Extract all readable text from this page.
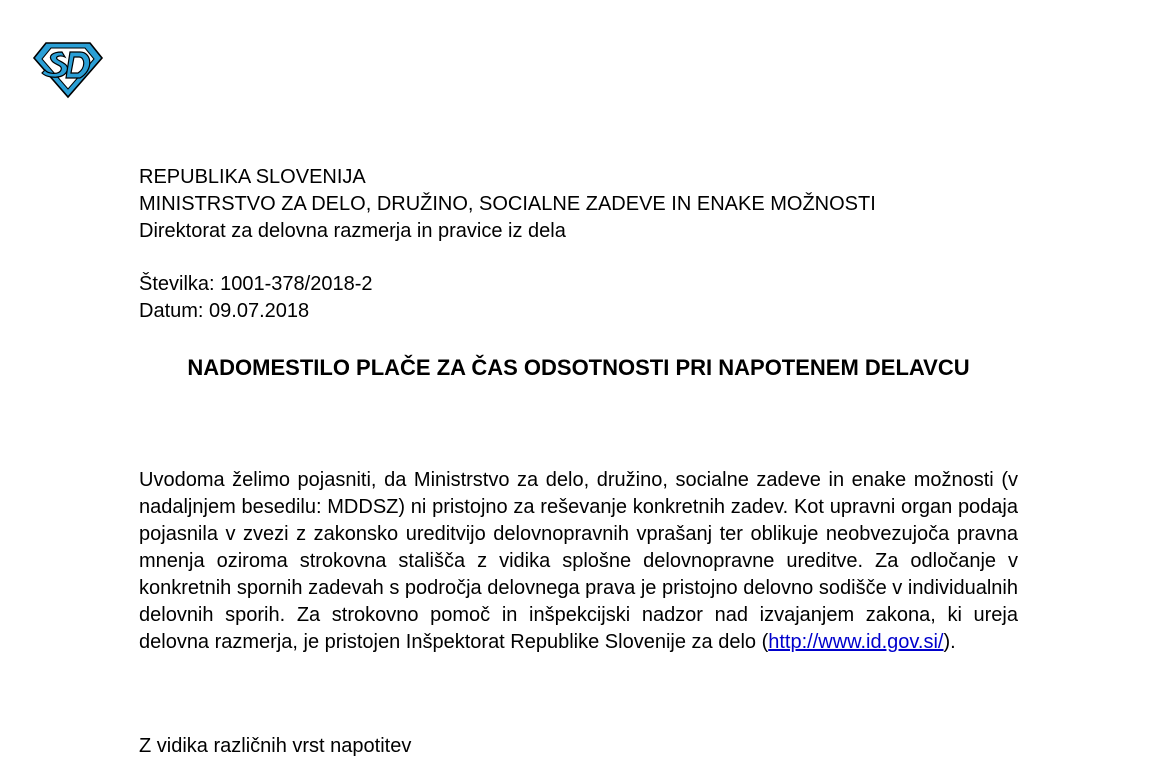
REPUBLIKA SLOVENIJA
MINISTRSTVO ZA DELO, DRUŽINO, SOCIALNE ZADEVE IN ENAKE MOŽNOSTI
Direktorat za delovna razmerja in pravice iz dela
Številka: 1001-378/2018-2
Datum: 09.07.2018
NADOMESTILO PLAČE ZA ČAS ODSOTNOSTI PRI NAPOTENEM DELAVCU

Uvodoma želimo pojasniti, da Ministrstvo za delo, družino, socialne zadeve in enake možnosti (v nadaljnjem besedilu: MDDSZ) ni pristojno za reševanje konkretnih zadev. Kot upravni organ podaja pojasnila v zvezi z zakonsko ureditvijo delovnopravnih vprašanj ter oblikuje neobvezujoča pravna mnenja oziroma strokovna stališča z vidika splošne delovnopravne ureditve. Za odločanje v konkretnih spornih zadevah s področja delovnega prava je pristojno delovno sodišče v individualnih delovnih sporih. Za strokovno pomoč in inšpekcijski nadzor nad izvajanjem zakona, ki ureja delovna razmerja, je pristojen Inšpektorat Republike Slovenije za delo (http://www.id.gov.si/).

Z vidika različnih vrst napotitev
